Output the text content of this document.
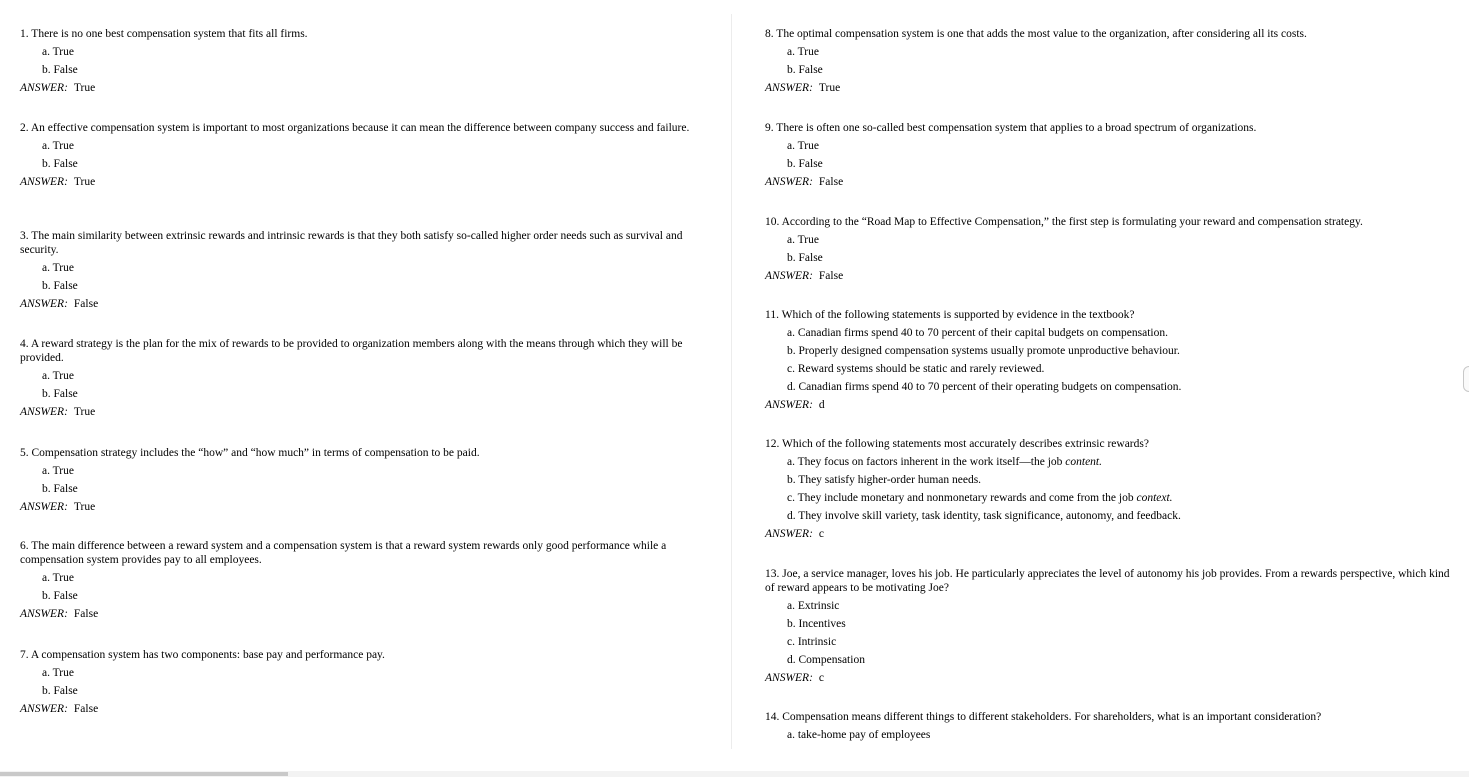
1. There is no one best compensation system that fits all firms.
a. True
b. False
ANSWER: True
2. An effective compensation system is important to most organizations because it can mean the difference between company success and failure.
a. True
b. False
ANSWER: True
3. The main similarity between extrinsic rewards and intrinsic rewards is that they both satisfy so-called higher order needs such as survival and security.
a. True
b. False
ANSWER: False
4. A reward strategy is the plan for the mix of rewards to be provided to organization members along with the means through which they will be provided.
a. True
b. False
ANSWER: True
5. Compensation strategy includes the “how” and “how much” in terms of compensation to be paid.
a. True
b. False
ANSWER: True
6. The main difference between a reward system and a compensation system is that a reward system rewards only good performance while a compensation system provides pay to all employees.
a. True
b. False
ANSWER: False
7. A compensation system has two components: base pay and performance pay.
a. True
b. False
ANSWER: False
8. The optimal compensation system is one that adds the most value to the organization, after considering all its costs.
a. True
b. False
ANSWER: True
9. There is often one so-called best compensation system that applies to a broad spectrum of organizations.
a. True
b. False
ANSWER: False
10. According to the “Road Map to Effective Compensation,” the first step is formulating your reward and compensation strategy.
a. True
b. False
ANSWER: False
11. Which of the following statements is supported by evidence in the textbook?
a. Canadian firms spend 40 to 70 percent of their capital budgets on compensation.
b. Properly designed compensation systems usually promote unproductive behaviour.
c. Reward systems should be static and rarely reviewed.
d. Canadian firms spend 40 to 70 percent of their operating budgets on compensation.
ANSWER: d
12. Which of the following statements most accurately describes extrinsic rewards?
a. They focus on factors inherent in the work itself—the job content.
b. They satisfy higher-order human needs.
c. They include monetary and nonmonetary rewards and come from the job context.
d. They involve skill variety, task identity, task significance, autonomy, and feedback.
ANSWER: c
13. Joe, a service manager, loves his job. He particularly appreciates the level of autonomy his job provides. From a rewards perspective, which kind of reward appears to be motivating Joe?
a. Extrinsic
b. Incentives
c. Intrinsic
d. Compensation
ANSWER: c
14. Compensation means different things to different stakeholders. For shareholders, what is an important consideration?
a. take-home pay of employees
